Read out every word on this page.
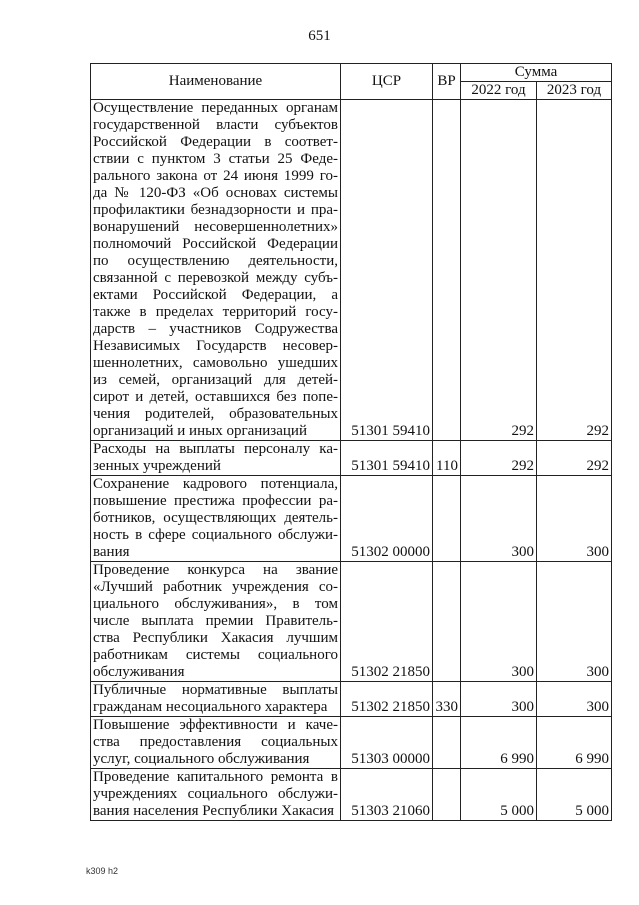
651
Наименование	ЦСР	ВР	Сумма	
			2022 год	2023 год
Осуществление переданных органам государственной власти субъектов Российской Федерации в соответ-ствии с пунктом 3 статьи 25 Феде-рального закона от 24 июня 1999 го-да № 120-ФЗ «Об основах системы профилактики безнадзорности и пра-вонарушений несовершеннолетних» полномочий Российской Федерации по осуществлению деятельности, связанной с перевозкой между субъ-ектами Российской Федерации, а также в пределах территорий госу-дарств – участников Содружества Независимых Государств несовер-шеннолетних, самовольно ушедших из семей, организаций для детей-сирот и детей, оставшихся без попе-чения родителей, образовательных организаций и иных организаций	51301 59410		292	292
Расходы на выплаты персоналу ка-зенных учреждений	51301 59410	110	292	292
Сохранение кадрового потенциала, повышение престижа профессии ра-ботников, осуществляющих деятель-ность в сфере социального обслужи-вания	51302 00000		300	300
Проведение конкурса на звание «Лучший работник учреждения со-циального обслуживания», в том числе выплата премии Правитель-ства Республики Хакасия лучшим работникам системы социального обслуживания	51302 21850		300	300
Публичные нормативные выплаты гражданам несоциального характера	51302 21850	330	300	300
Повышение эффективности и каче-ства предоставления социальных услуг, социального обслуживания	51303 00000		6 990	6 990
Проведение капитального ремонта в учреждениях социального обслужи-вания населения Республики Хакасия	51303 21060		5 000	5 000
k309 h2
